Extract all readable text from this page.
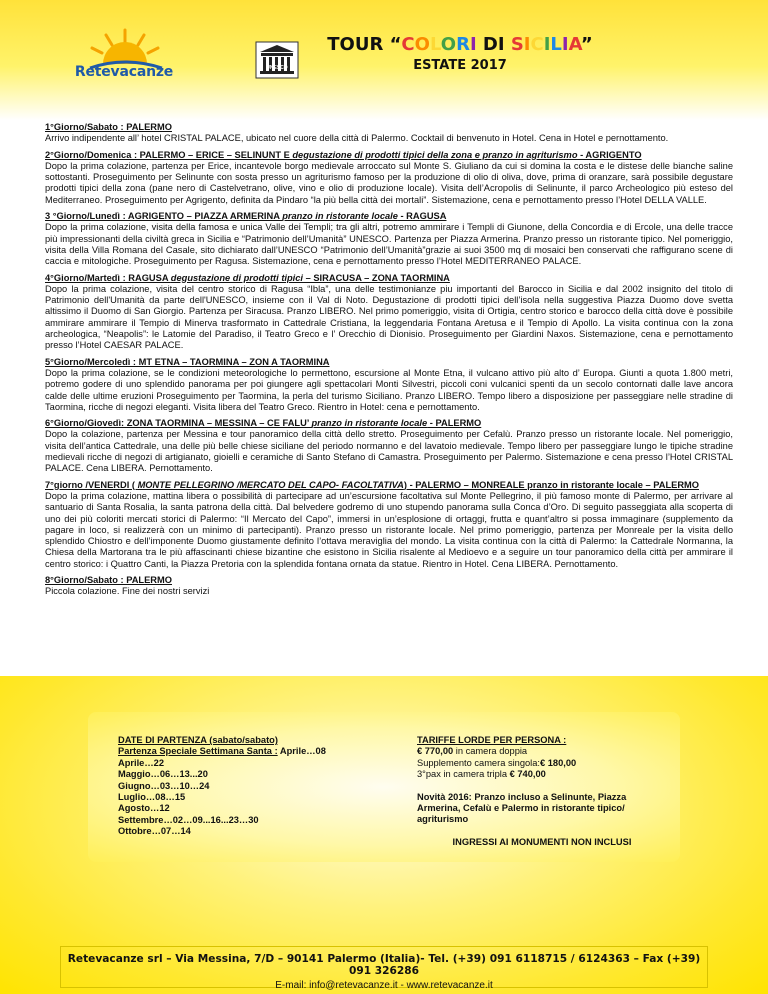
Retevacanze	UNESCO
TOUR “COLORI DI SICILIA”
ESTATE 2017
1°Giorno/Sabato : PALERMO
Arrivo indipendente all’ hotel CRISTAL PALACE, ubicato nel cuore della città di Palermo. Cocktail di benvenuto in Hotel. Cena in Hotel e pernottamento.
2°Giorno/Domenica : PALERMO – ERICE – SELINUNT E degustazione di prodotti tipici della zona e pranzo in agriturismo - AGRIGENTO
Dopo la prima colazione, partenza per Erice, incantevole borgo medievale arroccato sul Monte S. Giuliano da cui si domina la costa e le distese delle bianche saline sottostanti. Proseguimento per Selinunte con sosta presso un agriturismo famoso per la produzione di olio di oliva, dove, prima di oranzare, sarà possibile degustare prodotti tipici della zona (pane nero di Castelvetrano, olive, vino e olio di produzione locale). Visita dell’Acropolis di Selinunte, il parco Archeologico più esteso del Mediterraneo. Proseguimento per Agrigento, definita da Pindaro “la più bella città dei mortali”. Sistemazione, cena e pernottamento presso l’Hotel DELLA VALLE.
3 °Giorno/Lunedì : AGRIGENTO – PIAZZA ARMERINA pranzo in ristorante locale - RAGUSA
Dopo la prima colazione, visita della famosa e unica Valle dei Templi; tra gli altri, potremo ammirare i Templi di Giunone, della Concordia e di Ercole, una delle tracce più impressionanti della civiltà greca in Sicilia e “Patrimonio dell’Umanità” UNESCO. Partenza per Piazza Armerina. Pranzo presso un ristorante tipico. Nel pomeriggio, visita della Villa Romana del Casale, sito dichiarato dall’UNESCO “Patrimonio dell’Umanità”grazie ai suoi 3500 mq di mosaici ben conservati che raffigurano scene di caccia e mitologiche. Proseguimento per Ragusa. Sistemazione, cena e pernottamento presso l’Hotel MEDITERRANEO PALACE.
4°Giorno/Martedì : RAGUSA degustazione di prodotti tipici – SIRACUSA – ZONA TAORMINA
Dopo la prima colazione, visita del centro storico di Ragusa “Ibla”, una delle testimonianze piu importanti del Barocco in Sicilia e dal 2002 insignito del titolo di Patrimonio dell'Umanità da parte dell'UNESCO, insieme con il Val di Noto. Degustazione di prodotti tipici dell’isola nella suggestiva Piazza Duomo dove svetta altissimo il Duomo di San Giorgio. Partenza per Siracusa. Pranzo LIBERO. Nel primo pomeriggio, visita di Ortigia, centro storico e barocco della città dove è possibile ammirare ammirare il Tempio di Minerva trasformato in Cattedrale Cristiana, la leggendaria Fontana Aretusa e il Tempio di Apollo. La visita continua con la zona archeologica, “Neapolis”: le Latomie del Paradiso, il Teatro Greco e l’ Orecchio di Dionisio. Proseguimento per Giardini Naxos. Sistemazione, cena e pernottamento presso l’Hotel CAESAR PALACE.
5°Giorno/Mercoledì : MT ETNA – TAORMINA – ZON A TAORMINA
Dopo la prima colazione, se le condizioni meteorologiche lo permettono, escursione al Monte Etna, il vulcano attivo più alto d’ Europa. Giunti a quota 1.800 metri, potremo godere di uno splendido panorama per poi giungere agli spettacolari Monti Silvestri, piccoli coni vulcanici spenti da un secolo contornati dalle lave ancora calde delle ultime eruzioni Proseguimento per Taormina, la perla del turismo Siciliano. Pranzo LIBERO. Tempo libero a disposizione per passeggiare nelle stradine di Taormina, ricche di negozi eleganti. Visita libera del Teatro Greco. Rientro in Hotel: cena e pernottamento.
6°Giorno/Giovedì: ZONA TAORMINA – MESSINA – CE FALU’ pranzo in ristorante locale - PALERMO
Dopo la colazione, partenza per Messina e tour panoramico della città dello stretto. Proseguimento per Cefalù. Pranzo presso un ristorante locale. Nel pomeriggio, visita dell’antica Cattedrale, una delle più belle chiese siciliane del periodo normanno e del lavatoio medievale. Tempo libero per passeggiare lungo le tipiche stradine medievali ricche di negozi di artigianato, gioielli e ceramiche di Santo Stefano di Camastra. Proseguimento per Palermo. Sistemazione e cena presso l’Hotel CRISTAL PALACE. Cena LIBERA. Pernottamento.
7°giorno /VENERDI ( MONTE PELLEGRINO /MERCATO DEL CAPO- FACOLTATIVA) - PALERMO – MONREALE pranzo in ristorante locale – PALERMO
Dopo la prima colazione, mattina libera o possibilità di partecipare ad un’escursione facoltativa sul Monte Pellegrino, il più famoso monte di Palermo, per arrivare al santuario di Santa Rosalia, la santa patrona della città. Dal belvedere godremo di uno stupendo panorama sulla Conca d’Oro. Di seguito passeggiata alla scoperta di uno dei più coloriti mercati storici di Palermo: “Il Mercato del Capo”, immersi in un’esplosione di ortaggi, frutta e quant’altro si possa immaginare (supplemento da pagare in loco, si realizzerà con un minimo di partecipanti). Pranzo presso un ristorante locale. Nel primo pomeriggio, partenza per Monreale per la visita dello splendido Chiostro e dell’imponente Duomo giustamente definito l’ottava meraviglia del mondo. La visita continua con la città di Palermo: la Cattedrale Normanna, la Chiesa della Martorana tra le più affascinanti chiese bizantine che esistono in Sicilia risalente al Medioevo e a seguire un tour panoramico della città per ammirare il centro storico: i Quattro Canti, la Piazza Pretoria con la splendida fontana ornata da statue. Rientro in Hotel. Cena LIBERA. Pernottamento.
8°Giorno/Sabato : PALERMO
Piccola colazione. Fine dei nostri servizi
DATE DI PARTENZA (sabato/sabato)
Partenza Speciale Settimana Santa : Aprile…08
Aprile…22
Maggio…06…13...20
Giugno…03…10…24
Luglio…08…15
Agosto…12
Settembre…02…09...16...23…30
Ottobre…07…14
TARIFFE LORDE PER PERSONA :
€ 770,00 in camera doppia
Supplemento camera singola:€ 180,00
3°pax in camera tripla € 740,00
Novità 2016: Pranzo incluso a Selinunte, Piazza Armerina, Cefalù e Palermo in ristorante tipico/ agriturismo
INGRESSI AI MONUMENTI NON INCLUSI
Retevacanze srl – Via Messina, 7/D – 90141 Palermo (Italia)- Tel. (+39) 091 6118715 / 6124363 – Fax (+39) 091 326286
E-mail: info@retevacanze.it - www.retevacanze.it
